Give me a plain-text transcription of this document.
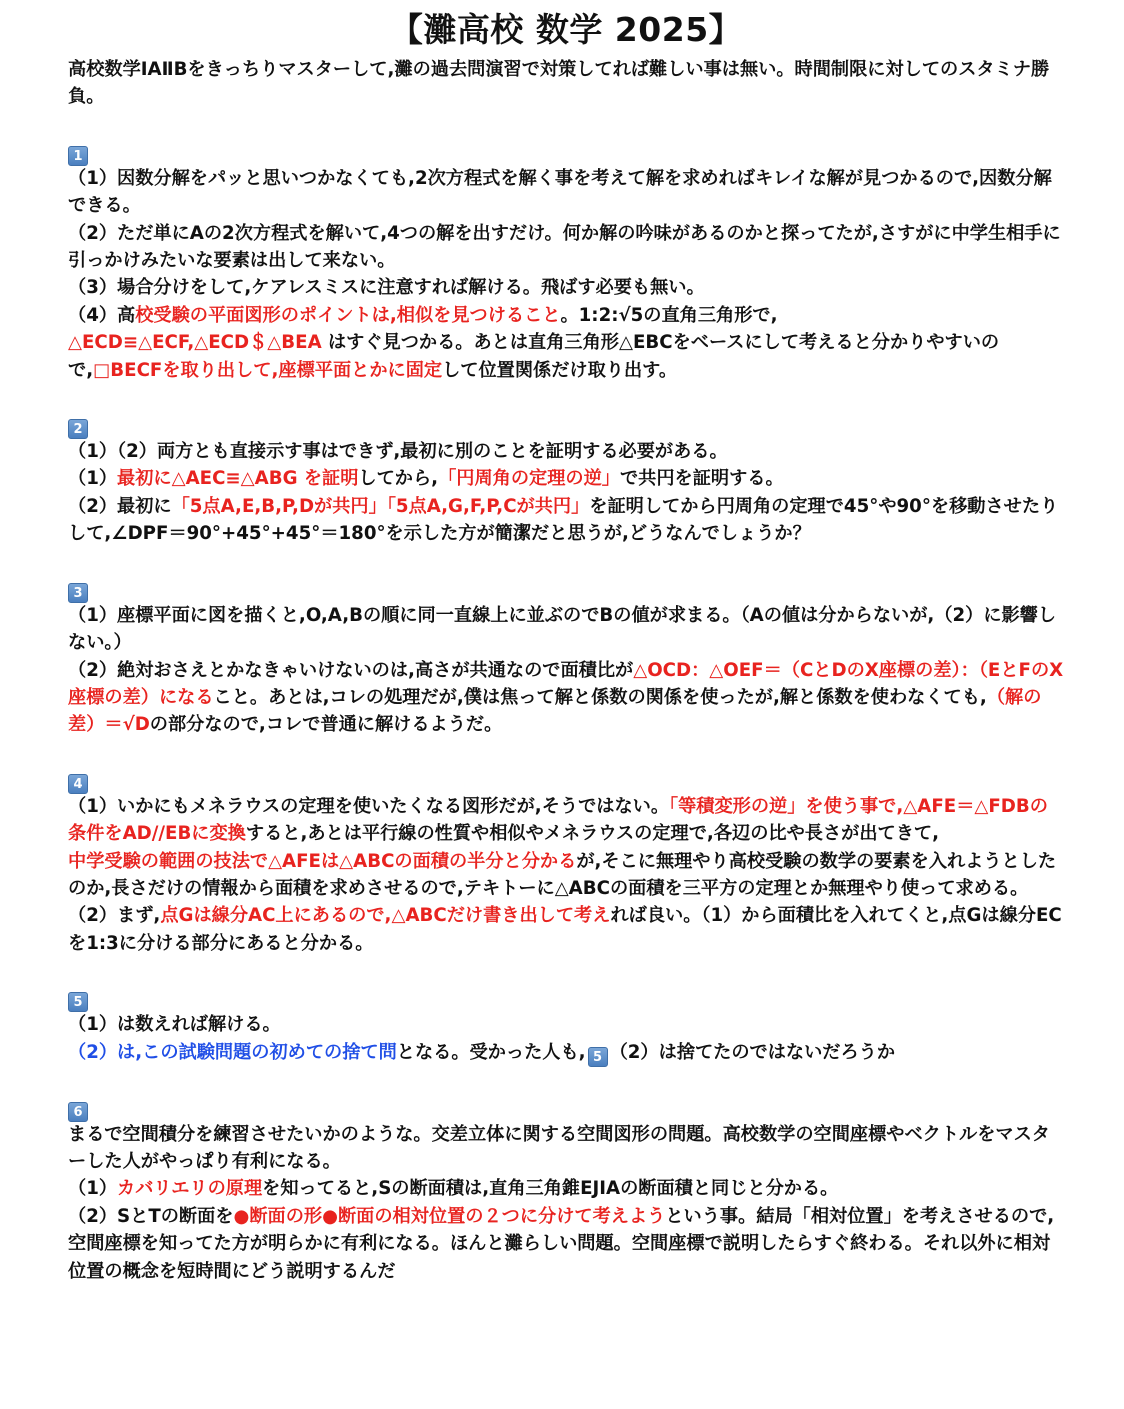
【灘高校 数学 2025】

高校数学ⅠAⅡBをきっちりマスターして,灘の過去問演習で対策してれば難しい事は無い。時間制限に対してのスタミナ勝負。

1

（1）因数分解をパッと思いつかなくても,2次方程式を解く事を考えて解を求めればキレイな解が見つかるので,因数分解できる。

（2）ただ単にAの2次方程式を解いて,4つの解を出すだけ。何か解の吟味があるのかと探ってたが,さすがに中学生相手に引っかけみたいな要素は出して来ない。

（3）場合分けをして,ケアレスミスに注意すれば解ける。飛ばす必要も無い。

（4）高校受験の平面図形のポイントは,相似を見つけること。1:2:√5の直角三角形で,

△ECD≡△ECF,△ECD＄△BEA はすぐ見つかる。あとは直角三角形△EBCをベースにして考えると分かりやすいので,□BECFを取り出して,座標平面とかに固定して位置関係だけ取り出す。

2

（1）（2）両方とも直接示す事はできず,最初に別のことを証明する必要がある。

（1）最初に△AEC≡△ABG を証明してから,「円周角の定理の逆」で共円を証明する。

（2）最初に「5点A,E,B,P,Dが共円」「5点A,G,F,P,Cが共円」を証明してから円周角の定理で45°や90°を移動させたりして,∠DPF＝90°+45°+45°＝180°を示した方が簡潔だと思うが,どうなんでしょうか？

3

（1）座標平面に図を描くと,O,A,Bの順に同一直線上に並ぶのでBの値が求まる。（Aの値は分からないが,（2）に影響しない。）

（2）絶対おさえとかなきゃいけないのは,高さが共通なので面積比が△OCD：△OEF＝（CとDのX座標の差）：（EとFのX座標の差）になること。あとは,コレの処理だが,僕は焦って解と係数の関係を使ったが,解と係数を使わなくても,（解の差）＝√Dの部分なので,コレで普通に解けるようだ。

4

（1）いかにもメネラウスの定理を使いたくなる図形だが,そうではない。「等積変形の逆」を使う事で,△AFE＝△FDBの条件をAD//EBに変換すると,あとは平行線の性質や相似やメネラウスの定理で,各辺の比や長さが出てきて,

中学受験の範囲の技法で△AFEは△ABCの面積の半分と分かるが,そこに無理やり高校受験の数学の要素を入れようとしたのか,長さだけの情報から面積を求めさせるので,テキトーに△ABCの面積を三平方の定理とか無理やり使って求める。

（2）まず,点Gは線分AC上にあるので,△ABCだけ書き出して考えれば良い。（1）から面積比を入れてくと,点Gは線分ECを1:3に分ける部分にあると分かる。

5

（1）は数えれば解ける。

（2）は,この試験問題の初めての捨て問となる。受かった人も, 5 （2）は捨てたのではないだろうか

6

まるで空間積分を練習させたいかのような。交差立体に関する空間図形の問題。高校数学の空間座標やベクトルをマスターした人がやっぱり有利になる。

（1）カバリエリの原理を知ってると,Sの断面積は,直角三角錐EJIAの断面積と同じと分かる。

（2）SとTの断面を●断面の形●断面の相対位置の２つに分けて考えようという事。結局「相対位置」を考えさせるので,空間座標を知ってた方が明らかに有利になる。ほんと灘らしい問題。空間座標で説明したらすぐ終わる。それ以外に相対位置の概念を短時間にどう説明するんだ
